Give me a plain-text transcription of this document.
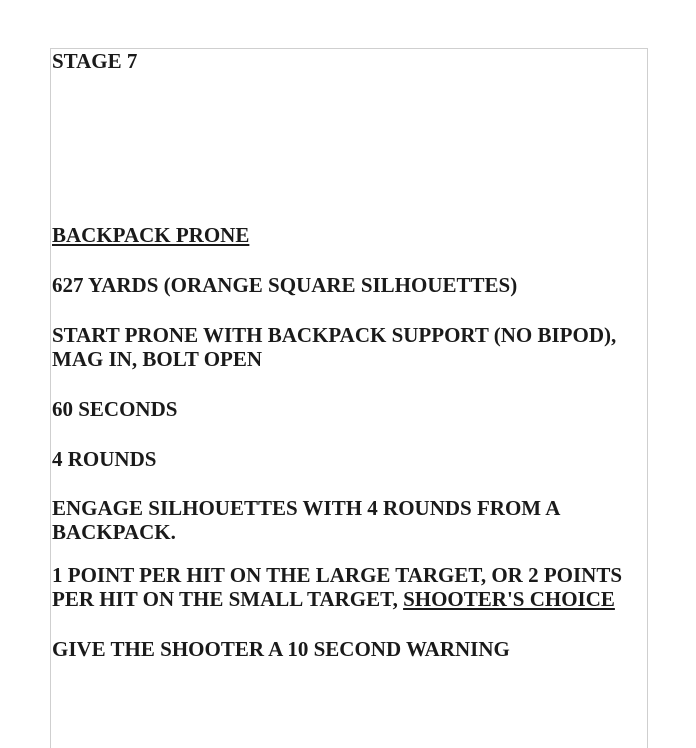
STAGE 7

BACKPACK PRONE

627 YARDS (ORANGE SQUARE SILHOUETTES)

START PRONE WITH BACKPACK SUPPORT (NO BIPOD),

MAG IN, BOLT OPEN

60 SECONDS

4 ROUNDS

ENGAGE SILHOUETTES WITH 4 ROUNDS FROM A

BACKPACK.

1 POINT PER HIT ON THE LARGE TARGET, OR 2 POINTS

PER HIT ON THE SMALL TARGET, SHOOTER'S CHOICE

GIVE THE SHOOTER A 10 SECOND WARNING
